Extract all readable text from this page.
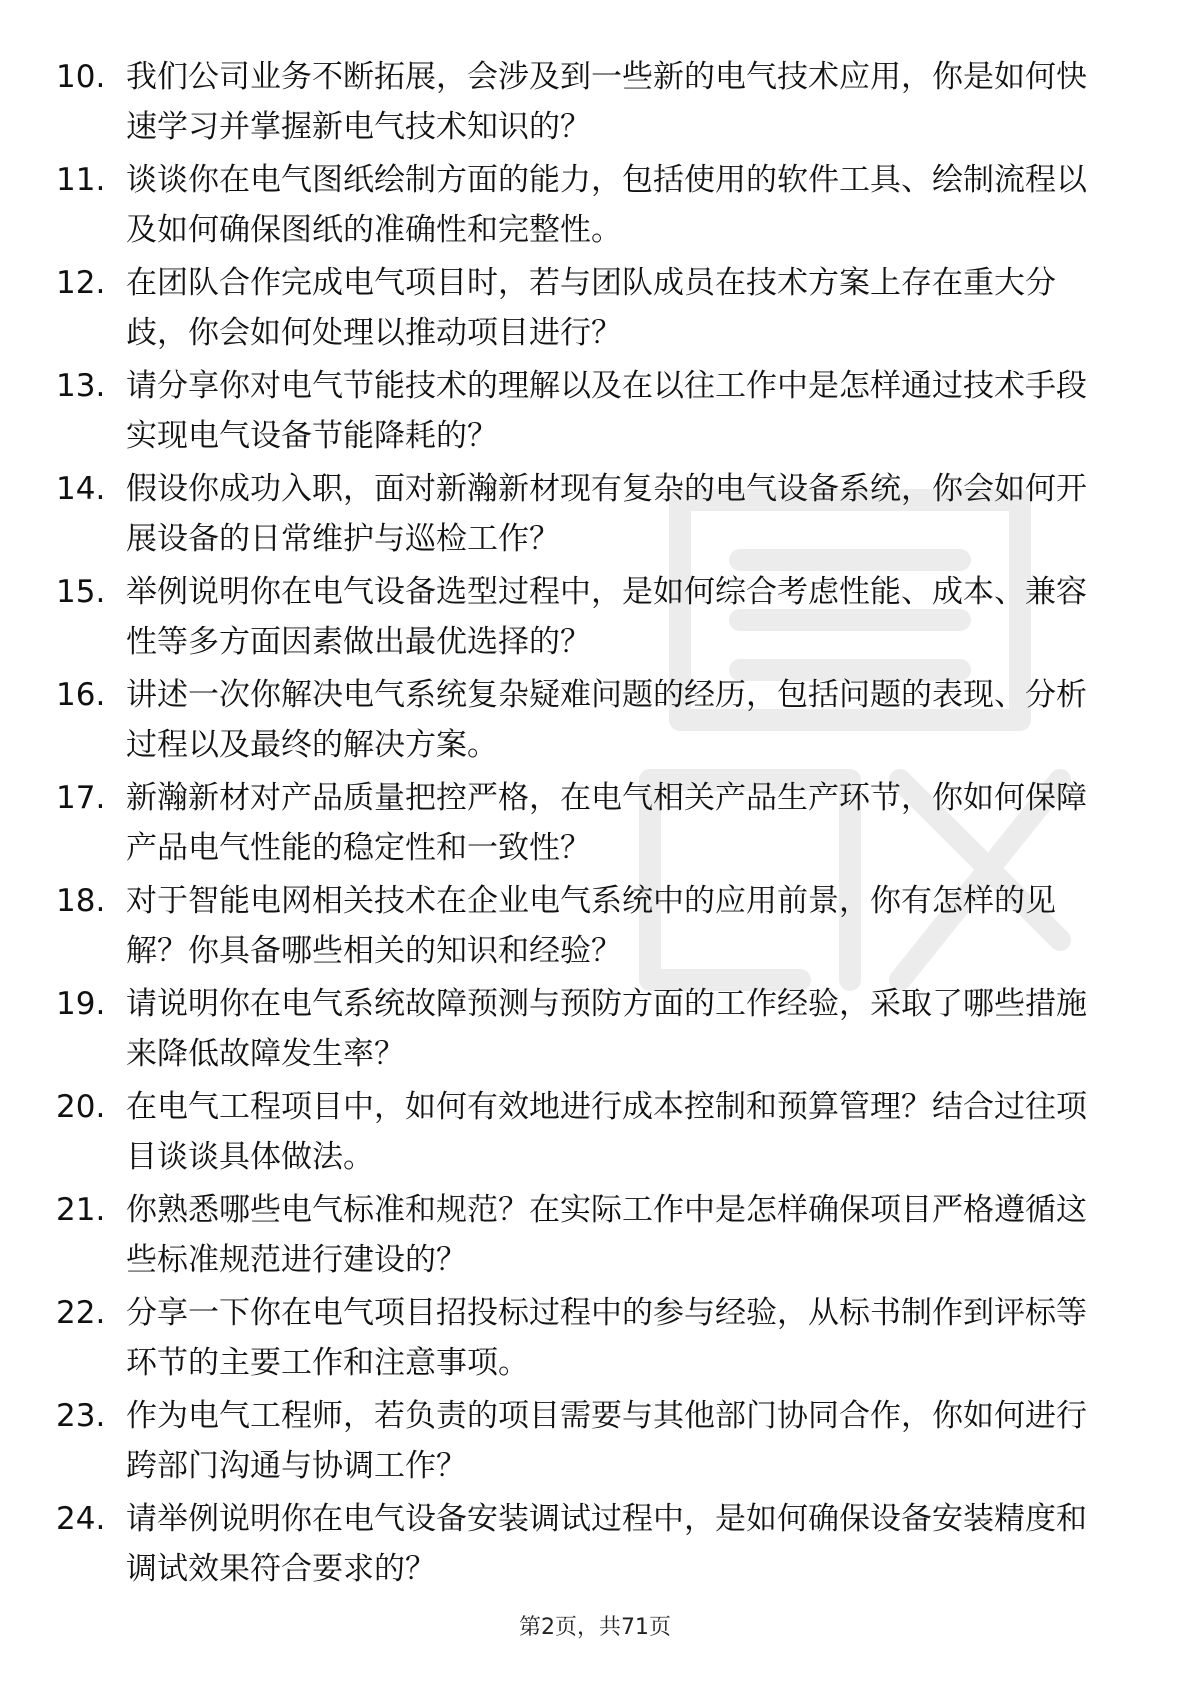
10. 我们公司业务不断拓展，会涉及到一些新的电气技术应用，你是如何快速学习并掌握新电气技术知识的？
11. 谈谈你在电气图纸绘制方面的能力，包括使用的软件工具、绘制流程以及如何确保图纸的准确性和完整性。
12. 在团队合作完成电气项目时，若与团队成员在技术方案上存在重大分歧，你会如何处理以推动项目进行？
13. 请分享你对电气节能技术的理解以及在以往工作中是怎样通过技术手段实现电气设备节能降耗的？
14. 假设你成功入职，面对新瀚新材现有复杂的电气设备系统，你会如何开展设备的日常维护与巡检工作？
15. 举例说明你在电气设备选型过程中，是如何综合考虑性能、成本、兼容性等多方面因素做出最优选择的？
16. 讲述一次你解决电气系统复杂疑难问题的经历，包括问题的表现、分析过程以及最终的解决方案。
17. 新瀚新材对产品质量把控严格，在电气相关产品生产环节，你如何保障产品电气性能的稳定性和一致性？
18. 对于智能电网相关技术在企业电气系统中的应用前景，你有怎样的见解？你具备哪些相关的知识和经验？
19. 请说明你在电气系统故障预测与预防方面的工作经验，采取了哪些措施来降低故障发生率？
20. 在电气工程项目中，如何有效地进行成本控制和预算管理？结合过往项目谈谈具体做法。
21. 你熟悉哪些电气标准和规范？在实际工作中是怎样确保项目严格遵循这些标准规范进行建设的？
22. 分享一下你在电气项目招投标过程中的参与经验，从标书制作到评标等环节的主要工作和注意事项。
23. 作为电气工程师，若负责的项目需要与其他部门协同合作，你如何进行跨部门沟通与协调工作？
24. 请举例说明你在电气设备安装调试过程中，是如何确保设备安装精度和调试效果符合要求的？
第2页，共71页
